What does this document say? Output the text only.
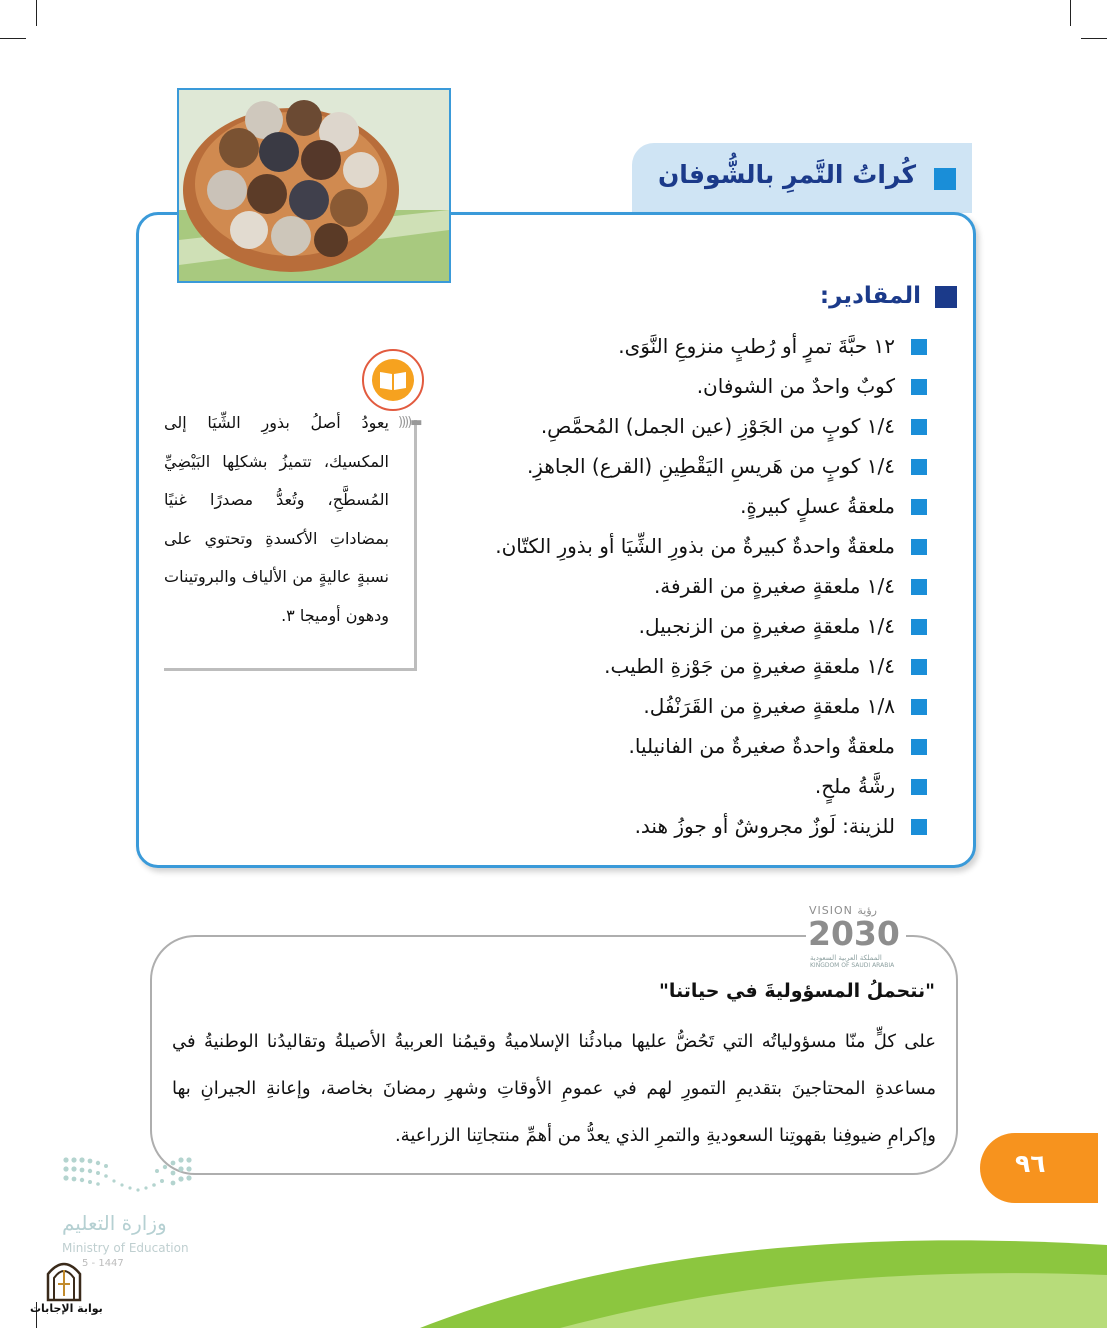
كُراتُ التَّمرِ بالشُّوفان
المقادير:
١٢ حبَّةَ تمرٍ أو رُطبٍ منزوعِ النَّوَى.
كوبٌ واحدٌ من الشوفان.
١/٤ كوبٍ من الجَوْزِ (عين الجمل) المُحمَّصِ.
١/٤ كوبٍ من هَريسِ اليَقْطِينِ (القرع) الجاهزِ.
ملعقةُ عسلٍ كبيرةٍ.
ملعقةٌ واحدةٌ كبيرةٌ من بذورِ الشِّيَا أو بذورِ الكتّان.
١/٤ ملعقةٍ صغيرةٍ من القرفة.
١/٤ ملعقةٍ صغيرةٍ من الزنجبيل.
١/٤ ملعقةٍ صغيرةٍ من جَوْزةِ الطيب.
١/٨ ملعقةٍ صغيرةٍ من القَرَنْفُل.
ملعقةٌ واحدةٌ صغيرةٌ من الفانيليا.
رشَّةُ ملحٍ.
للزينة: لَوزٌ مجروشٌ أو جوزُ هند.
))))▬
يعودُ أصلُ بذورِ الشِّيَا إلى المكسيك، تتميزُ بشكلِها البَيْضِيِّ المُسطَّحِ، وتُعدُّ مصدرًا غنيًا بمضاداتِ الأكسدةِ وتحتوي على نسبةٍ عاليةٍ من الألياف والبروتينات ودهون أوميجا ٣.
VISION رؤية
2030
المملكة العربية السعودية
KINGDOM OF SAUDI ARABIA
"نتحملُ المسؤوليةَ في حياتنا"
على كلٍّ منّا مسؤولياتُه التي تَحُضُّ عليها مبادئُنا الإسلاميةُ وقيمُنا العربيةُ الأصيلةُ وتقاليدُنا الوطنيةُ في مساعدةِ المحتاجينَ بتقديمِ التمورِ لهم في عمومِ الأوقاتِ وشهرِ رمضانَ بخاصة، وإعانةِ الجيرانِ بها وإكرامِ ضيوفِنا بقهوتِنا السعوديةِ والتمرِ الذي يعدُّ من أهمِّ منتجاتِنا الزراعية.
٩٦
وزارة التعليم
Ministry of Education
5 - 1447
بوابة الإجابات
